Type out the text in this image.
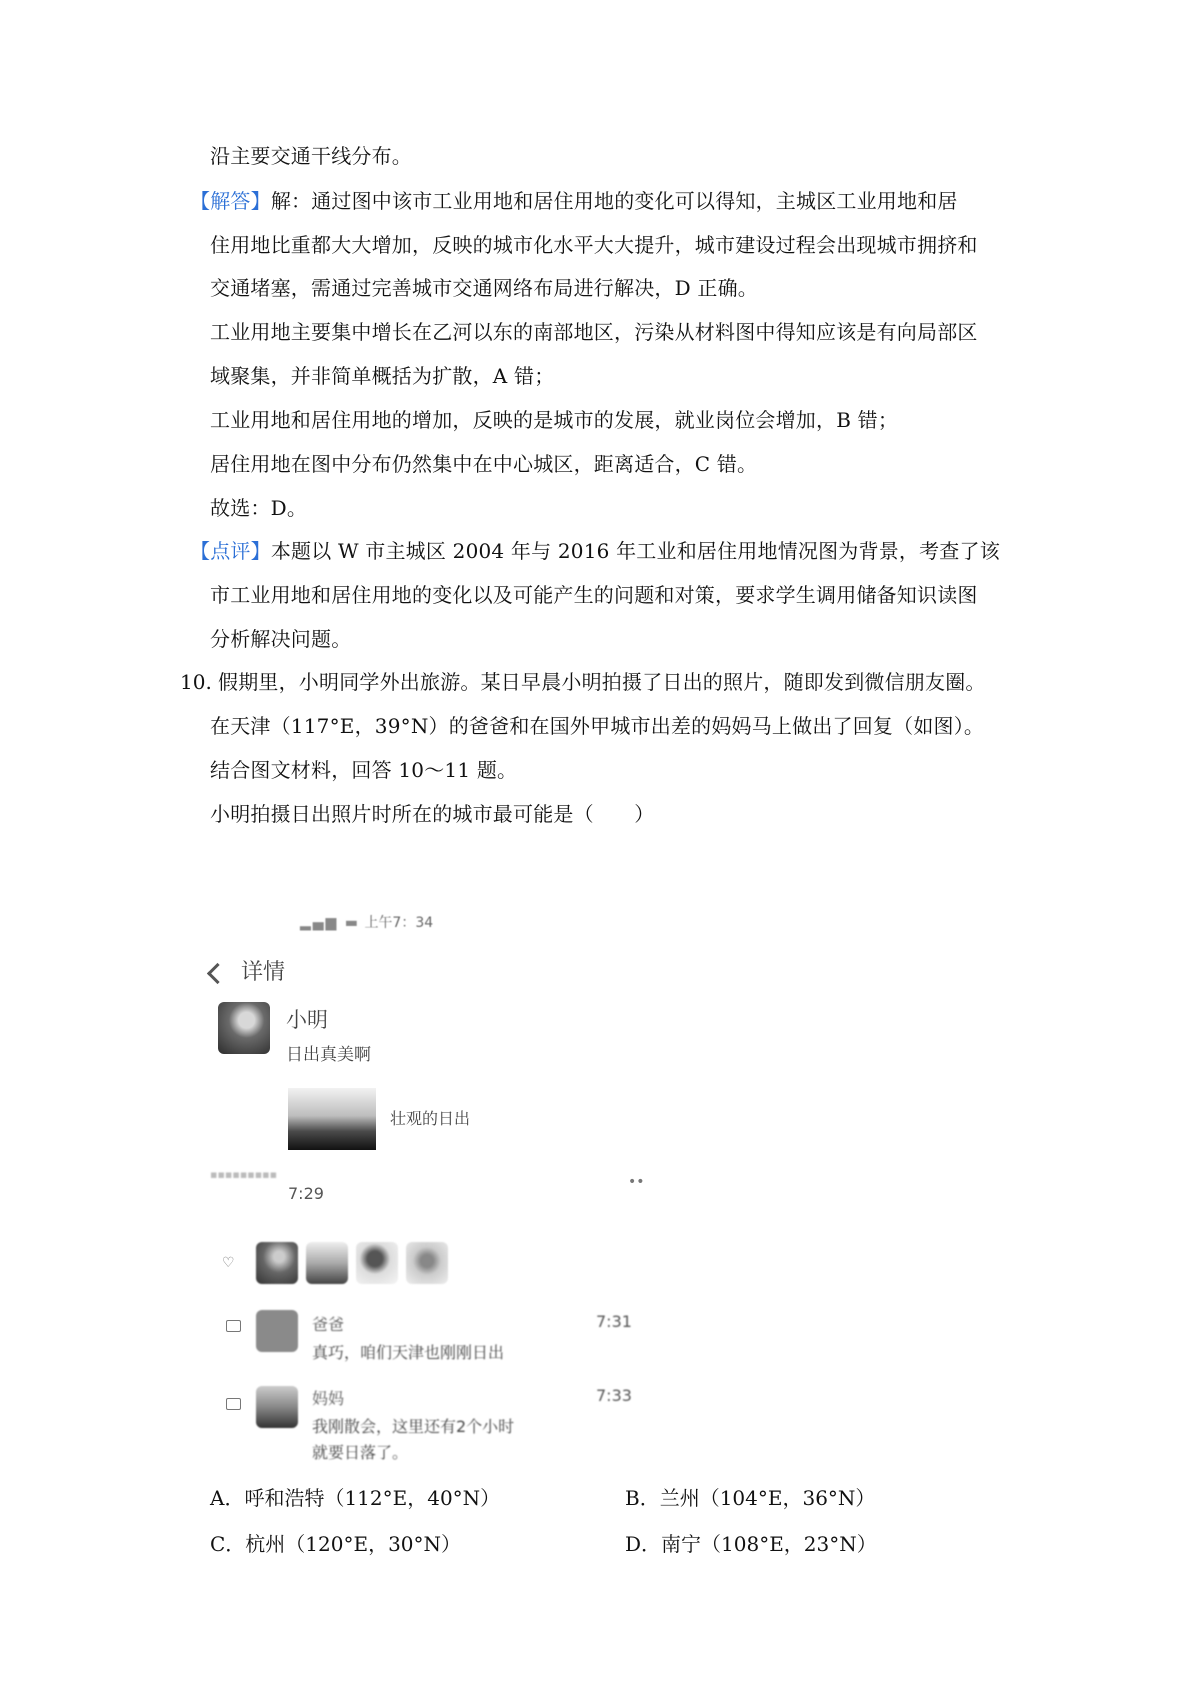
沿主要交通干线分布。
【解答】解：通过图中该市工业用地和居住用地的变化可以得知，主城区工业用地和居
住用地比重都大大增加，反映的城市化水平大大提升，城市建设过程会出现城市拥挤和
交通堵塞，需通过完善城市交通网络布局进行解决，D 正确。
工业用地主要集中增长在乙河以东的南部地区，污染从材料图中得知应该是有向局部区
域聚集，并非简单概括为扩散，A 错；
工业用地和居住用地的增加，反映的是城市的发展，就业岗位会增加，B 错；
居住用地在图中分布仍然集中在中心城区，距离适合，C 错。
故选：D。
【点评】本题以 W 市主城区 2004 年与 2016 年工业和居住用地情况图为背景，考查了该
市工业用地和居住用地的变化以及可能产生的问题和对策，要求学生调用储备知识读图
分析解决问题。
10. 假期里，小明同学外出旅游。某日早晨小明拍摄了日出的照片，随即发到微信朋友圈。
在天津（117°E，39°N）的爸爸和在国外甲城市出差的妈妈马上做出了回复（如图）。
结合图文材料，回答 10～11 题。
小明拍摄日出照片时所在的城市最可能是（　　）
▂▄▆ ▬ 上午7：34
详情
小明
日出真美啊
壮观的日出
▪▪▪▪▪▪▪▪▪
7:29
••
♡
爸爸	7:31
真巧，咱们天津也刚刚日出
妈妈	7:33
我刚散会，这里还有2个小时
就要日落了。
A．呼和浩特（112°E，40°N）	B．兰州（104°E，36°N）
C．杭州（120°E，30°N）	D．南宁（108°E，23°N）
